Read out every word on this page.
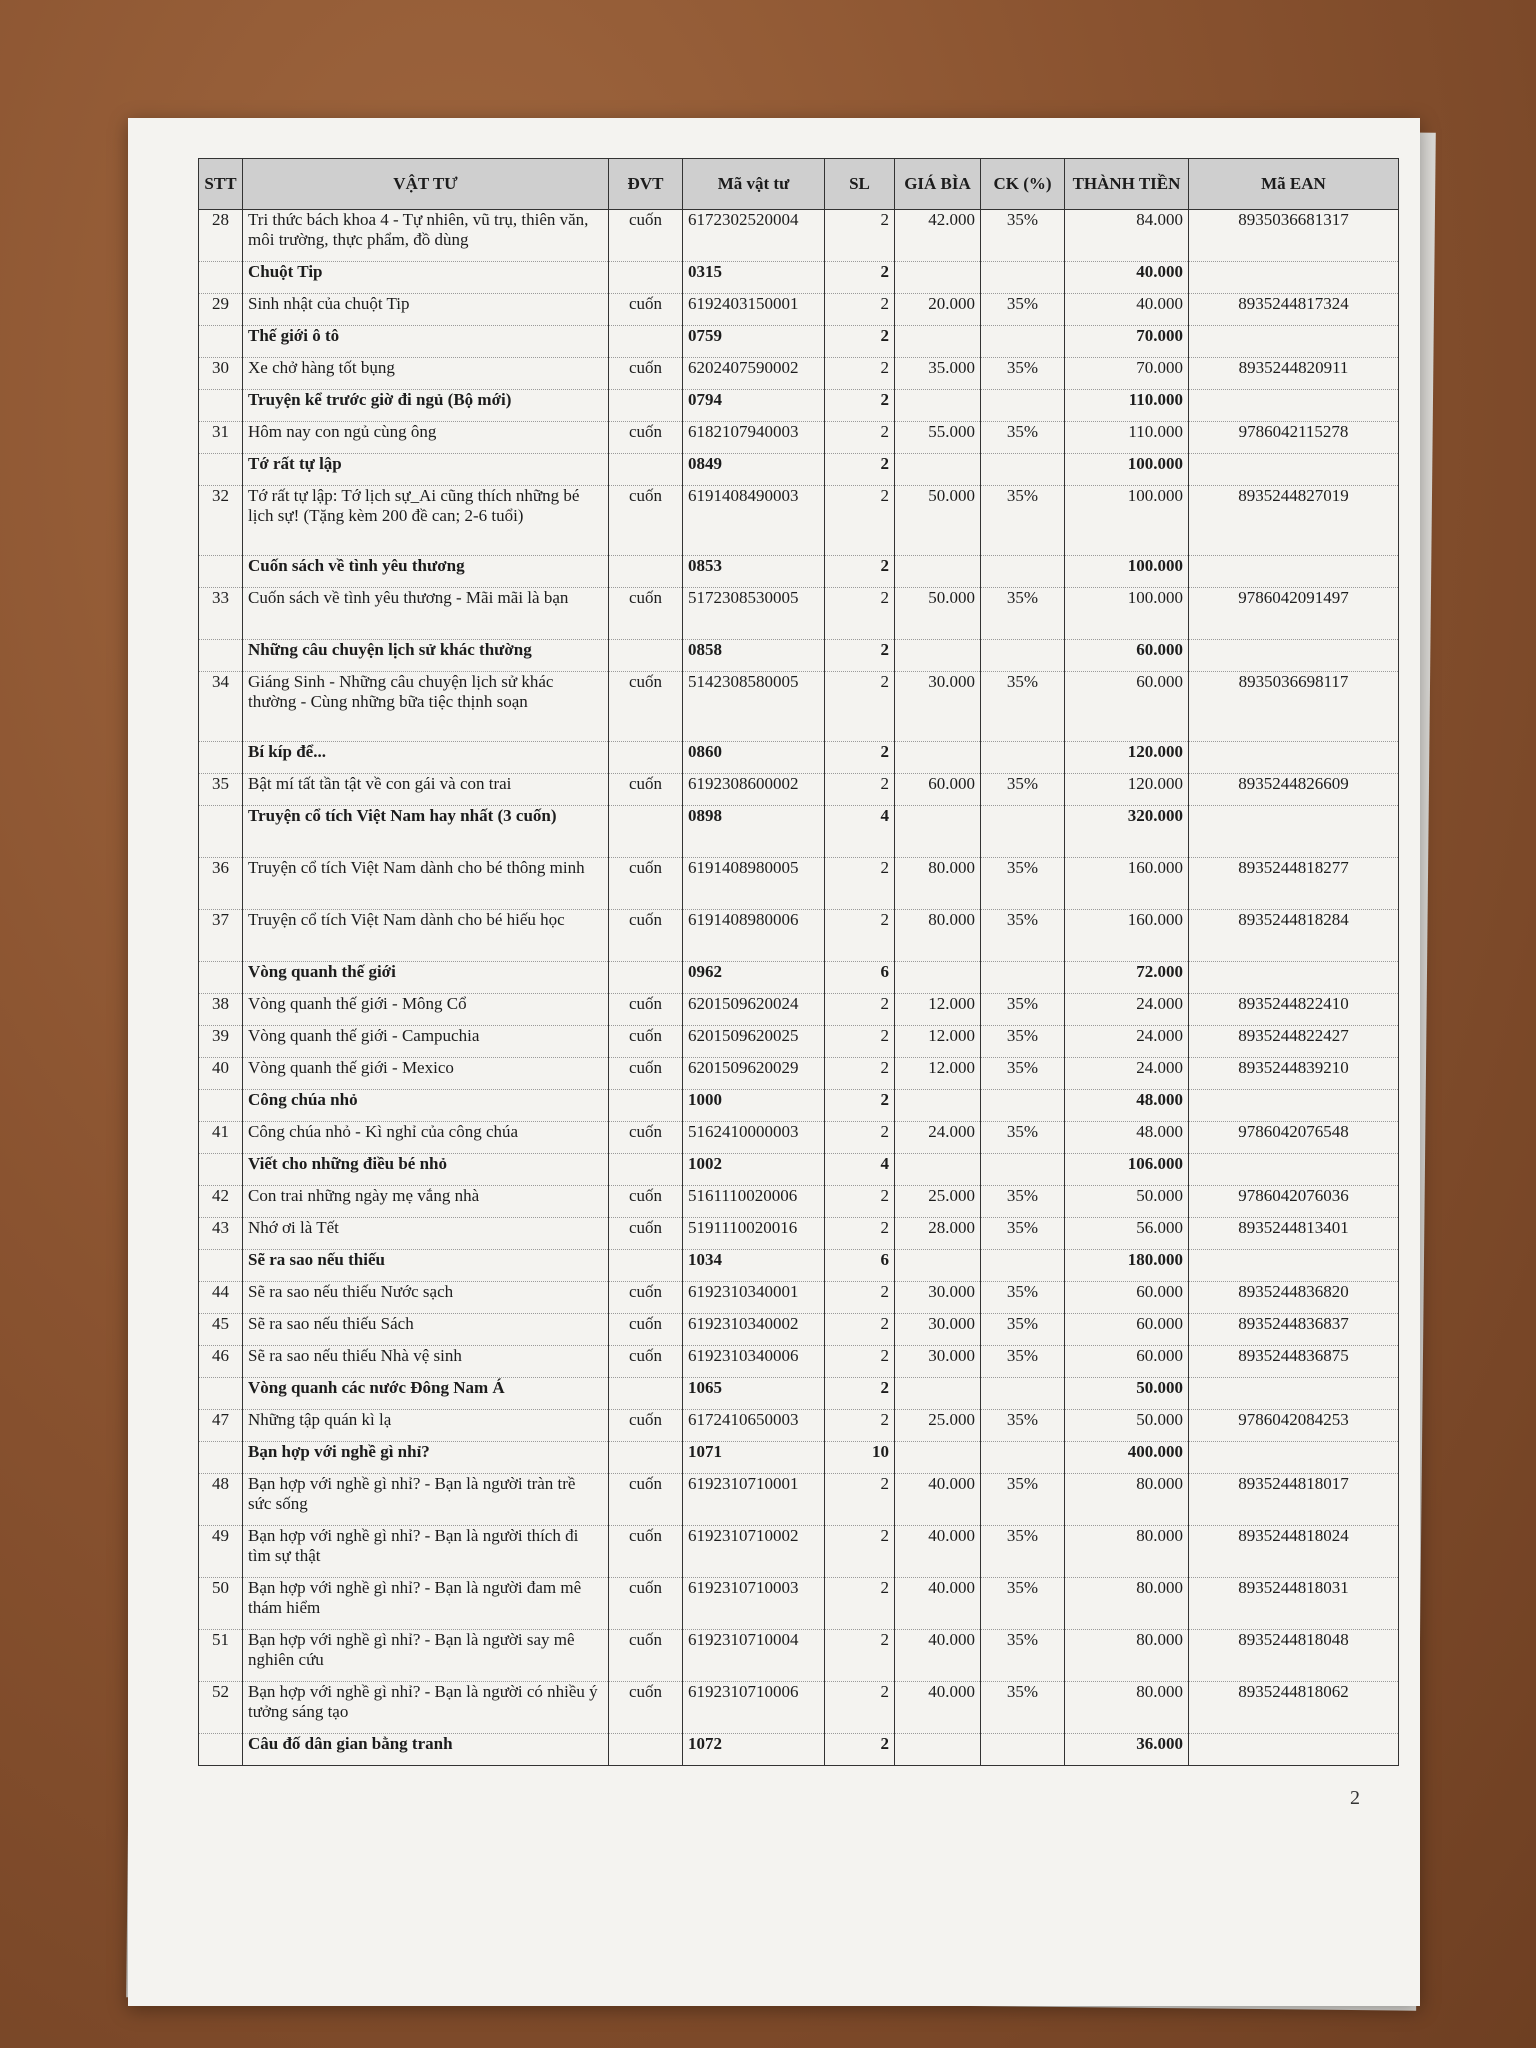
STT	VẬT TƯ	ĐVT	Mã vật tư	SL	GIÁ BÌA	CK (%)	THÀNH TIỀN	Mã EAN
28	Tri thức bách khoa 4 - Tự nhiên, vũ trụ, thiên văn, môi trường, thực phẩm, đồ dùng	cuốn	6172302520004	2	42.000	35%	84.000	8935036681317
	Chuột Tip		0315	2			40.000	
29	Sinh nhật của chuột Tip	cuốn	6192403150001	2	20.000	35%	40.000	8935244817324
	Thế giới ô tô		0759	2			70.000	
30	Xe chở hàng tốt bụng	cuốn	6202407590002	2	35.000	35%	70.000	8935244820911
	Truyện kể trước giờ đi ngủ (Bộ mới)		0794	2			110.000	
31	Hôm nay con ngủ cùng ông	cuốn	6182107940003	2	55.000	35%	110.000	9786042115278
	Tớ rất tự lập		0849	2			100.000	
32	Tớ rất tự lập: Tớ lịch sự_Ai cũng thích những bé lịch sự! (Tặng kèm 200 đề can; 2-6 tuổi)	cuốn	6191408490003	2	50.000	35%	100.000	8935244827019
	Cuốn sách về tình yêu thương		0853	2			100.000	
33	Cuốn sách về tình yêu thương - Mãi mãi là bạn	cuốn	5172308530005	2	50.000	35%	100.000	9786042091497
	Những câu chuyện lịch sử khác thường		0858	2			60.000	
34	Giáng Sinh - Những câu chuyện lịch sử khác thường - Cùng những bữa tiệc thịnh soạn	cuốn	5142308580005	2	30.000	35%	60.000	8935036698117
	Bí kíp để...		0860	2			120.000	
35	Bật mí tất tần tật về con gái và con trai	cuốn	6192308600002	2	60.000	35%	120.000	8935244826609
	Truyện cổ tích Việt Nam hay nhất (3 cuốn)		0898	4			320.000	
36	Truyện cổ tích Việt Nam dành cho bé thông minh	cuốn	6191408980005	2	80.000	35%	160.000	8935244818277
37	Truyện cổ tích Việt Nam dành cho bé hiếu học	cuốn	6191408980006	2	80.000	35%	160.000	8935244818284
	Vòng quanh thế giới		0962	6			72.000	
38	Vòng quanh thế giới - Mông Cổ	cuốn	6201509620024	2	12.000	35%	24.000	8935244822410
39	Vòng quanh thế giới - Campuchia	cuốn	6201509620025	2	12.000	35%	24.000	8935244822427
40	Vòng quanh thế giới - Mexico	cuốn	6201509620029	2	12.000	35%	24.000	8935244839210
	Công chúa nhỏ		1000	2			48.000	
41	Công chúa nhỏ - Kì nghỉ của công chúa	cuốn	5162410000003	2	24.000	35%	48.000	9786042076548
	Viết cho những điều bé nhỏ		1002	4			106.000	
42	Con trai những ngày mẹ vắng nhà	cuốn	5161110020006	2	25.000	35%	50.000	9786042076036
43	Nhớ ơi là Tết	cuốn	5191110020016	2	28.000	35%	56.000	8935244813401
	Sẽ ra sao nếu thiếu		1034	6			180.000	
44	Sẽ ra sao nếu thiếu Nước sạch	cuốn	6192310340001	2	30.000	35%	60.000	8935244836820
45	Sẽ ra sao nếu thiếu Sách	cuốn	6192310340002	2	30.000	35%	60.000	8935244836837
46	Sẽ ra sao nếu thiếu Nhà vệ sinh	cuốn	6192310340006	2	30.000	35%	60.000	8935244836875
	Vòng quanh các nước Đông Nam Á		1065	2			50.000	
47	Những tập quán kì lạ	cuốn	6172410650003	2	25.000	35%	50.000	9786042084253
	Bạn hợp với nghề gì nhỉ?		1071	10			400.000	
48	Bạn hợp với nghề gì nhỉ? - Bạn là người tràn trề sức sống	cuốn	6192310710001	2	40.000	35%	80.000	8935244818017
49	Bạn hợp với nghề gì nhỉ? - Bạn là người thích đi tìm sự thật	cuốn	6192310710002	2	40.000	35%	80.000	8935244818024
50	Bạn hợp với nghề gì nhỉ? - Bạn là người đam mê thám hiểm	cuốn	6192310710003	2	40.000	35%	80.000	8935244818031
51	Bạn hợp với nghề gì nhỉ? - Bạn là người say mê nghiên cứu	cuốn	6192310710004	2	40.000	35%	80.000	8935244818048
52	Bạn hợp với nghề gì nhỉ? - Bạn là người có nhiều ý tưởng sáng tạo	cuốn	6192310710006	2	40.000	35%	80.000	8935244818062
	Câu đố dân gian bằng tranh		1072	2			36.000	
2
